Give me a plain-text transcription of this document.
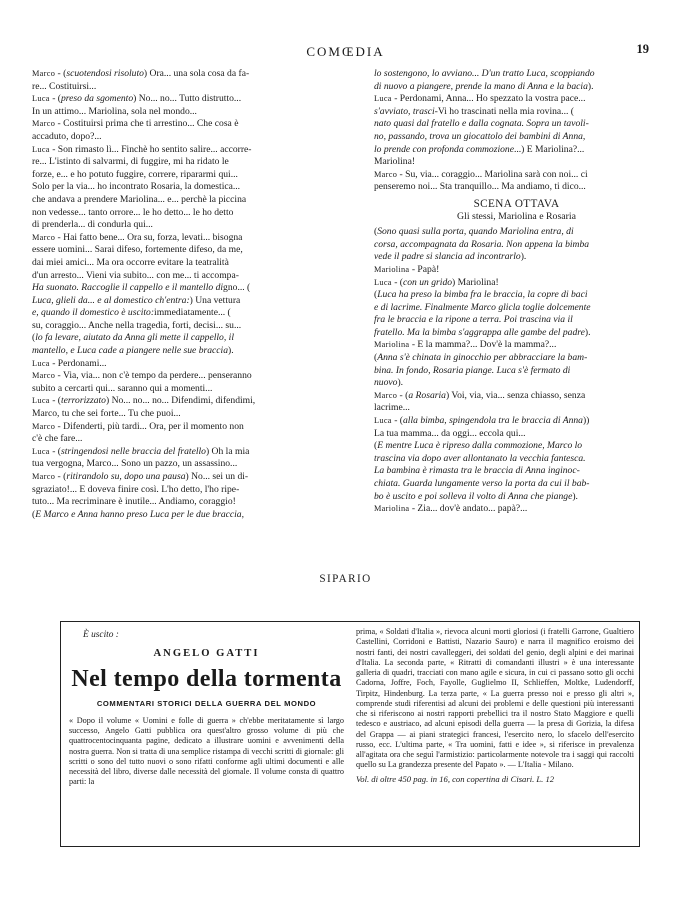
COMŒDIA	19

Marco - (scuotendosi risoluto) Ora... una sola cosa da fa-

re... Costituirsi...

Luca - (preso da sgomento) No... no... Tutto distrutto...

In un attimo... Mariolina, sola nel mondo...

Marco - Costituirsi prima che ti arrestino... Che cosa è

accaduto, dopo?...

Luca - Son rimasto lì... Finchè ho sentito salire... accorre-

re... L'istinto di salvarmi, di fuggire, mi ha ridato le

forze, e... e ho potuto fuggire, correre, ripararmi qui...

Solo per la via... ho incontrato Rosaria, la domestica...

che andava a prendere Mariolina... e... perchè la piccina

non vedesse... tanto orrore... le ho detto... le ho detto

di prenderla... di condurla qui...

Marco - Hai fatto bene... Ora su, forza, levati... bisogna

essere uomini... Sarai difeso, fortemente difeso, da me,

dai miei amici... Ma ora occorre evitare la teatralità

d'un arresto... Vieni via subito... con me... ti accompa-

Ha suonato. Raccoglie il cappello e il mantello digno... (

Luca, glieli da... e al domestico ch'entra:) Una vettura

e, quando il domestico è uscito:immediatamente... (

su, coraggio... Anche nella tragedia, forti, decisi... su...

(lo fa levare, aiutato da Anna gli mette il cappello, il

mantello, e Luca cade a piangere nelle sue braccia).

Luca - Perdonami...

Marco - Via, via... non c'è tempo da perdere... penseranno

subito a cercarti qui... saranno qui a momenti...

Luca - (terrorizzato) No... no... no... Difendimi, difendimi,

Marco, tu che sei forte... Tu che puoi...

Marco - Difenderti, più tardi... Ora, per il momento non

c'è che fare...

Luca - (stringendosi nelle braccia del fratello) Oh la mia

tua vergogna, Marco... Sono un pazzo, un assassino...

Marco - (ritirandolo su, dopo una pausa) No... sei un di-

sgraziato!... E doveva finire così. L'ho detto, l'ho ripe-

tuto... Ma recriminare è inutile... Andiamo, coraggio!

(E Marco e Anna hanno preso Luca per le due braccia,

lo sostengono, lo avviano... D'un tratto Luca, scoppiando

di nuovo a piangere, prende la mano di Anna e la bacia).

Luca - Perdonami, Anna... Ho spezzato la vostra pace...

s'avviato, trasci-Vi ho trascinati nella mia rovina... (

nato quasi dal fratello e dalla cognata. Sopra un tavoli-

no, passando, trova un giocattolo dei bambini di Anna,

lo prende con profonda commozione...) E Mariolina?...

Mariolina!

Marco - Su, via... coraggio... Mariolina sarà con noi... ci

penseremo noi... Sta tranquillo... Ma andiamo, ti dico...

SCENA OTTAVA

Gli stessi, Mariolina e Rosaria

(Sono quasi sulla porta, quando Mariolina entra, di

corsa, accompagnata da Rosaria. Non appena la bimba

vede il padre si slancia ad incontrarlo).

Mariolina - Papà!

Luca - (con un grido) Mariolina!

(Luca ha preso la bimba fra le braccia, la copre di baci

e di lacrime. Finalmente Marco glicla toglie dolcemente

fra le braccia e la ripone a terra. Poi trascina via il

fratello. Ma la bimba s'aggrappa alle gambe del padre).

Mariolina - E la mamma?... Dov'è la mamma?...

(Anna s'è chinata in ginocchio per abbracciare la bam-

bina. In fondo, Rosaria piange. Luca s'è fermato di

nuovo).

Marco - (a Rosaria) Voi, via, via... senza chiasso, senza

lacrime...

Luca - (alla bimba, spingendola tra le braccia di Anna))

La tua mamma... da oggi... eccola qui...

(E mentre Luca è ripreso dalla commozione, Marco lo

trascina via dopo aver allontanato la vecchia fantesca.

La bambina è rimasta tra le braccia di Anna inginoc-

chiata. Guarda lungamente verso la porta da cui il bab-

bo è uscito e poi solleva il volto di Anna che piange).

Mariolina - Zia... dov'è andato... papà?...

SIPARIO

È uscito :

ANGELO GATTI

Nel tempo della tormenta

COMMENTARI STORICI DELLA GUERRA DEL MONDO

« Dopo il volume « Uomini e folle di guerra » ch'ebbe meritatamente sì largo successo, Angelo Gatti pubblica ora quest'altro grosso volume di più che quattrocentocinquanta pagine, dedicato a illustrare uomini e avvenimenti della nostra guerra. Non si tratta di una semplice ristampa di vecchi scritti di giornale: gli scritti o sono del tutto nuovi o sono rifatti conforme agli ultimi documenti e alle necessità del libro, diverse dalle necessità del giornale. Il volume consta di quattro parti: la

prima, « Soldati d'Italia », rievoca alcuni morti gloriosi (i fratelli Garrone, Gualtiero Castellini, Corridoni e Battisti, Nazario Sauro) e narra il magnifico eroismo dei nostri fanti, dei nostri cavalleggeri, dei soldati del genio, degli alpini e dei marinai d'Italia. La seconda parte, « Ritratti di comandanti illustri » è una interessante galleria di quadri, tracciati con mano agile e sicura, in cui ci passano sotto gli occhi Cadorna, Joffre, Foch, Fayolle, Guglielmo II, Schlieffen, Moltke, Ludendorff, Tirpitz, Hindenburg. La terza parte, « La guerra presso noi e presso gli altri », comprende studi riferentisi ad alcuni dei problemi e delle questioni più interessanti che si riferiscono ai nostri rapporti prebellici tra il nostro Stato Maggiore e quelli tedesco e austriaco, ad alcuni episodi della guerra — la presa di Gorizia, la difesa del Grappa — ai piani strategici francesi, l'esercito nero, lo sfacelo dell'esercito russo, ecc. L'ultima parte, « Tra uomini, fatti e idee », si riferisce in prevalenza all'agitata ora che seguì l'armistizio: particolarmente notevole tra i saggi qui raccolti quello su La grandezza presente del Papato ». — L'Italia - Milano.

Vol. di oltre 450 pag. in 16, con copertina di Cisari. L. 12
